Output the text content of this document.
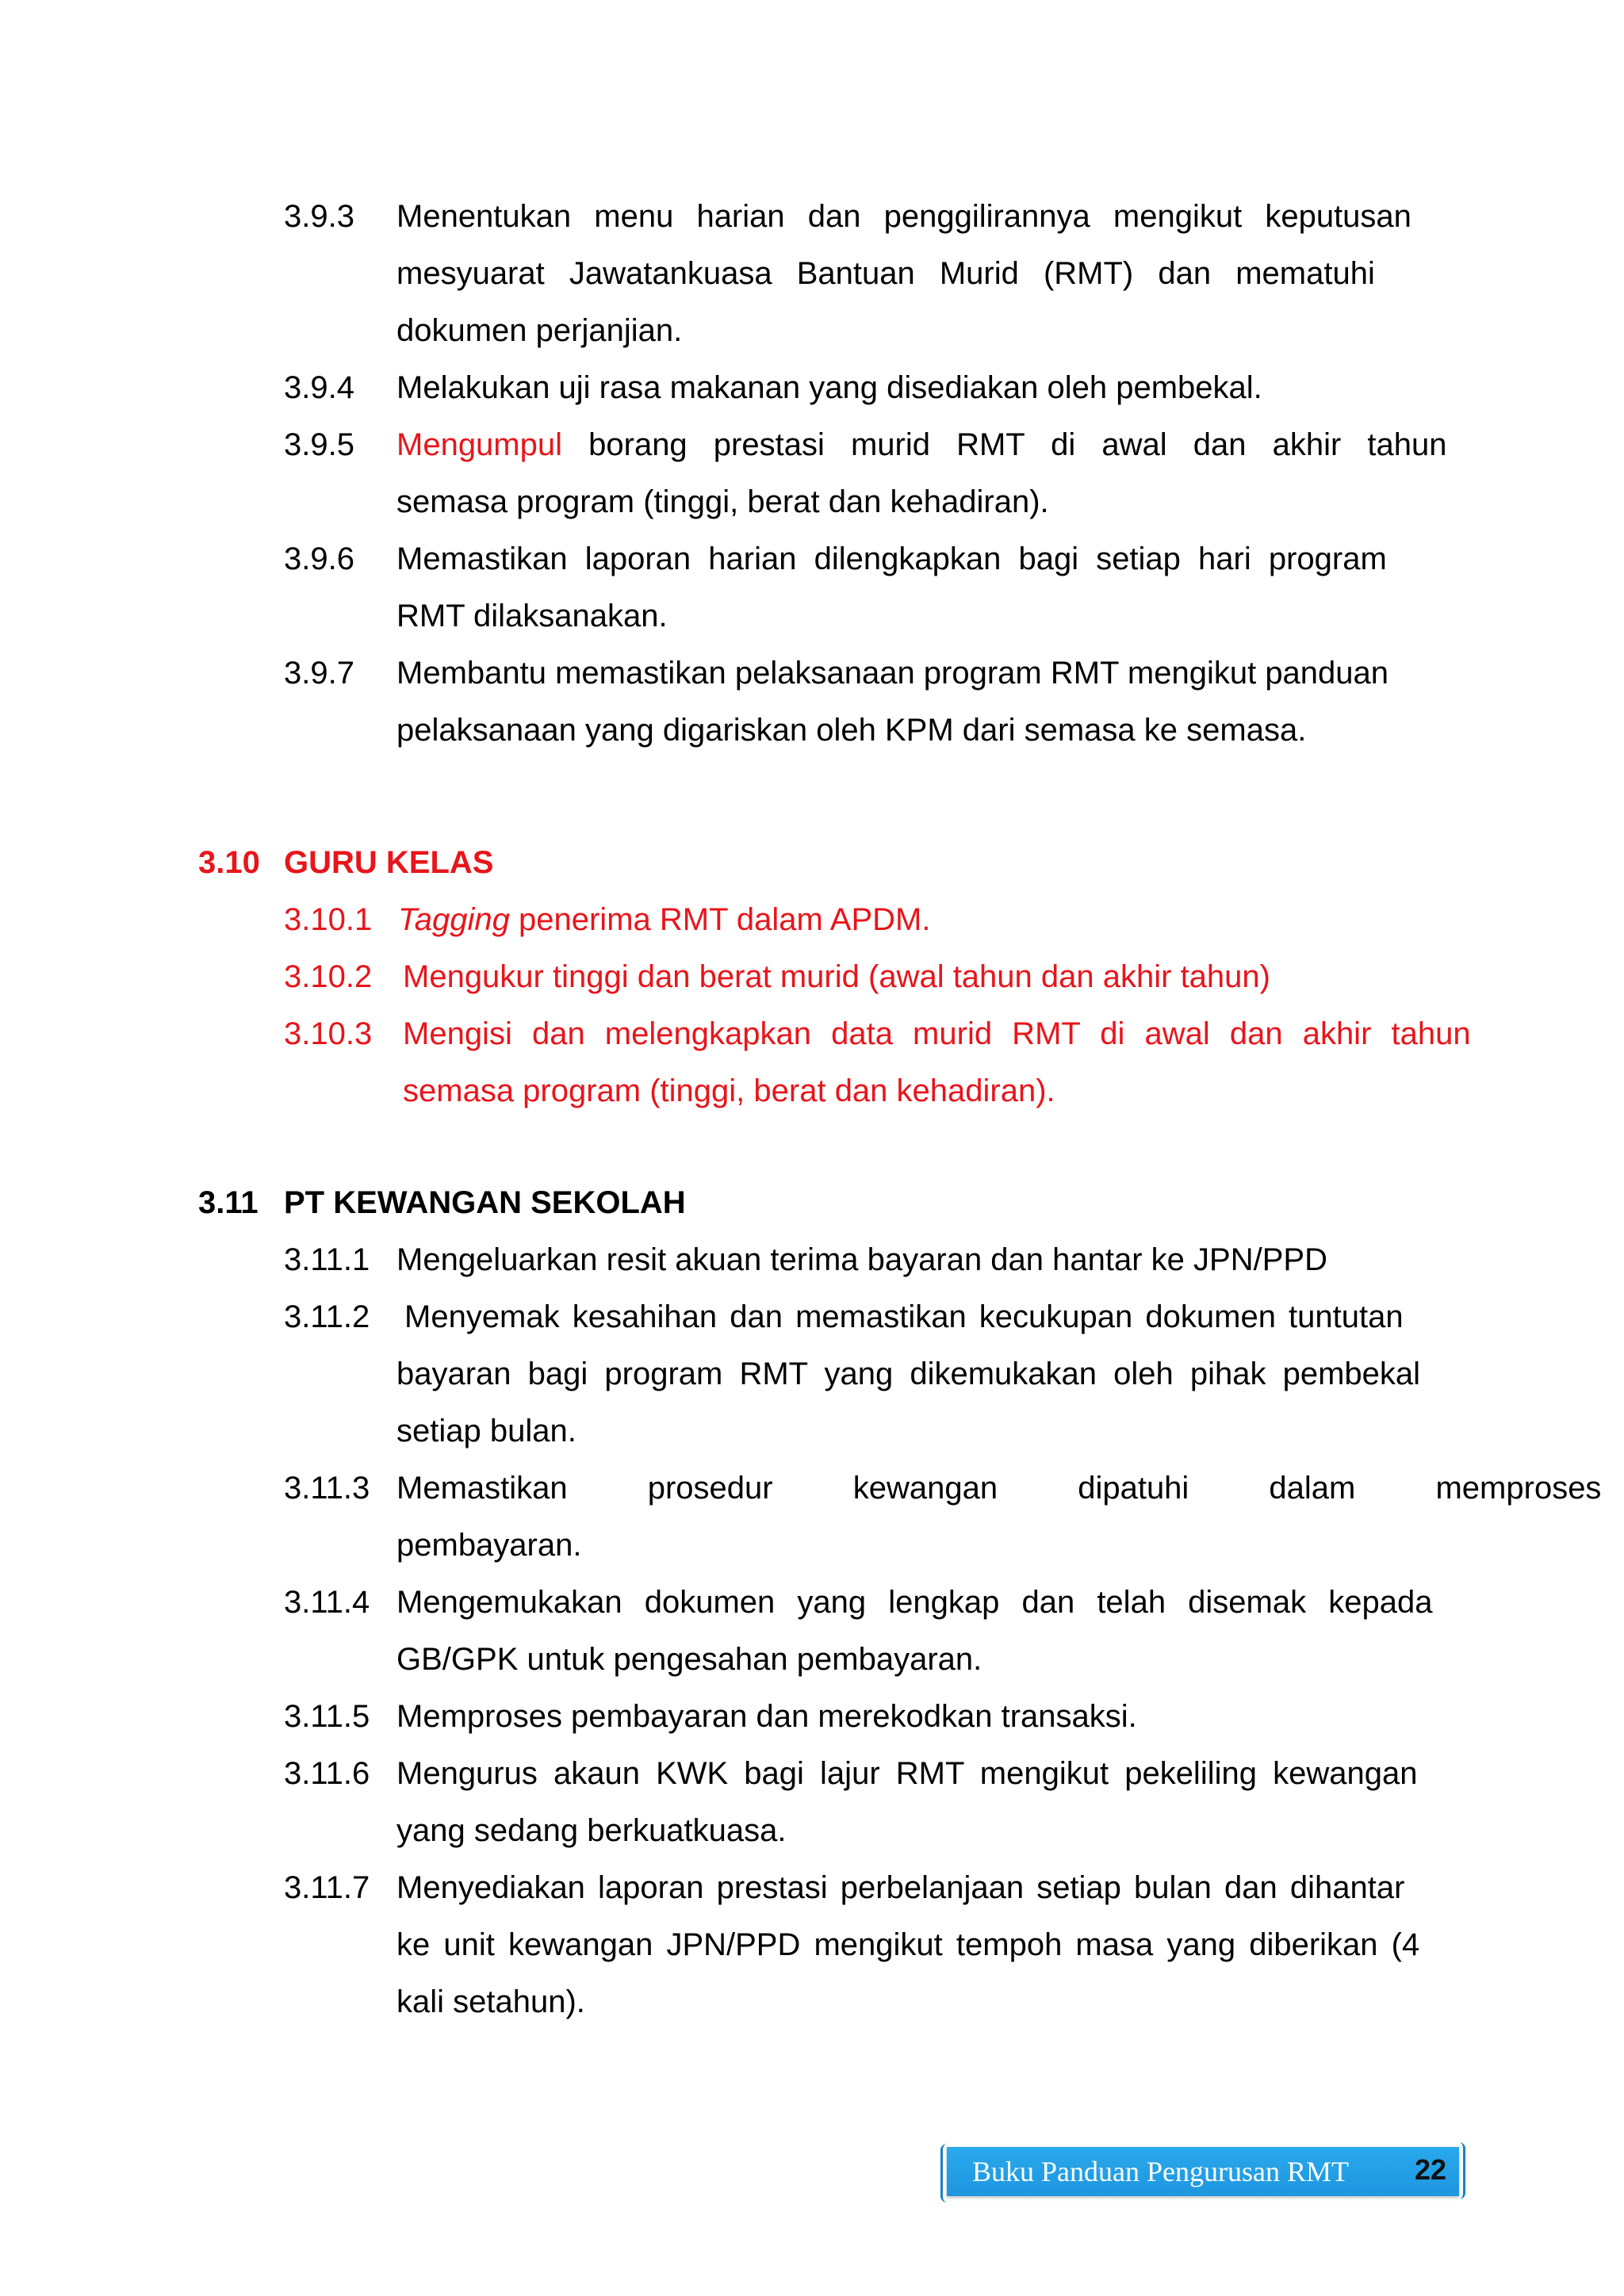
3.9.3 Menentukan menu harian dan penggilirannya mengikut keputusan
mesyuarat Jawatankuasa Bantuan Murid (RMT) dan mematuhi
dokumen perjanjian.
3.9.4 Melakukan uji rasa makanan yang disediakan oleh pembekal.
3.9.5 Mengumpul borang prestasi murid RMT di awal dan akhir tahun
semasa program (tinggi, berat dan kehadiran).
3.9.6 Memastikan laporan harian dilengkapkan bagi setiap hari program
RMT dilaksanakan.
3.9.7 Membantu memastikan pelaksanaan program RMT mengikut panduan
pelaksanaan yang digariskan oleh KPM dari semasa ke semasa.
3.10 GURU KELAS
3.10.1 Tagging penerima RMT dalam APDM.
3.10.2 Mengukur tinggi dan berat murid (awal tahun dan akhir tahun)
3.10.3 Mengisi dan melengkapkan data murid RMT di awal dan akhir tahun
semasa program (tinggi, berat dan kehadiran).
3.11 PT KEWANGAN SEKOLAH
3.11.1 Mengeluarkan resit akuan terima bayaran dan hantar ke JPN/PPD
3.11.2 Menyemak kesahihan dan memastikan kecukupan dokumen tuntutan
bayaran bagi program RMT yang dikemukakan oleh pihak pembekal
setiap bulan.
3.11.3 Memastikan prosedur kewangan dipatuhi dalam memproses
pembayaran.
3.11.4 Mengemukakan dokumen yang lengkap dan telah disemak kepada
GB/GPK untuk pengesahan pembayaran.
3.11.5 Memproses pembayaran dan merekodkan transaksi.
3.11.6 Mengurus akaun KWK bagi lajur RMT mengikut pekeliling kewangan
yang sedang berkuatkuasa.
3.11.7 Menyediakan laporan prestasi perbelanjaan setiap bulan dan dihantar
ke unit kewangan JPN/PPD mengikut tempoh masa yang diberikan (4
kali setahun).
Buku Panduan Pengurusan RMT 22
